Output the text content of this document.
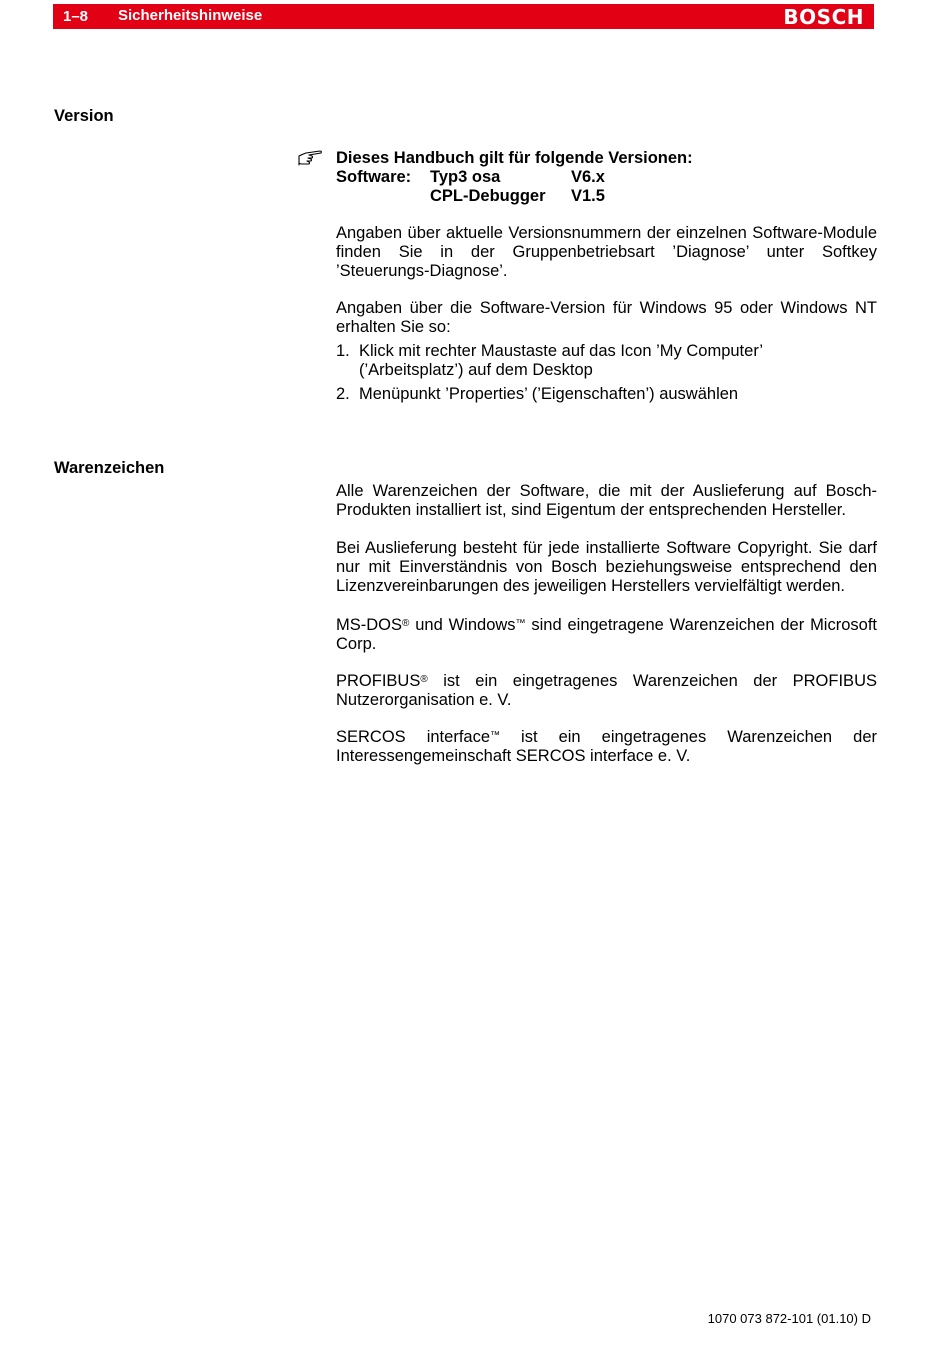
1–8 Sicherheitshinweise	BOSCH
Version
Dieses Handbuch gilt für folgende Versionen:
Software: Typ3 osa	V6.x
CPL-Debugger V1.5

Angaben über aktuelle Versionsnummern der einzelnen Software-Module finden Sie in der Gruppenbetriebsart ’Diagnose’ unter Softkey ’Steuerungs-Diagnose’.

Angaben über die Software-Version für Windows 95 oder Windows NT erhalten Sie so:

1. Klick mit rechter Maustaste auf das Icon ’My Computer’
(’Arbeitsplatz’) auf dem Desktop
2. Menüpunkt ’Properties’ (’Eigenschaften’) auswählen
Warenzeichen

Alle Warenzeichen der Software, die mit der Auslieferung auf Bosch-Produkten installiert ist, sind Eigentum der entsprechenden Hersteller.

Bei Auslieferung besteht für jede installierte Software Copyright. Sie darf nur mit Einverständnis von Bosch beziehungsweise entsprechend den Lizenzvereinbarungen des jeweiligen Herstellers vervielfältigt werden.

MS-DOS® und Windows™ sind eingetragene Warenzeichen der Microsoft Corp.

PROFIBUS® ist ein eingetragenes Warenzeichen der PROFIBUS Nutzerorganisation e. V.

SERCOS interface™ ist ein eingetragenes Warenzeichen der Interessengemeinschaft SERCOS interface e. V.

1070 073 872-101 (01.10) D
